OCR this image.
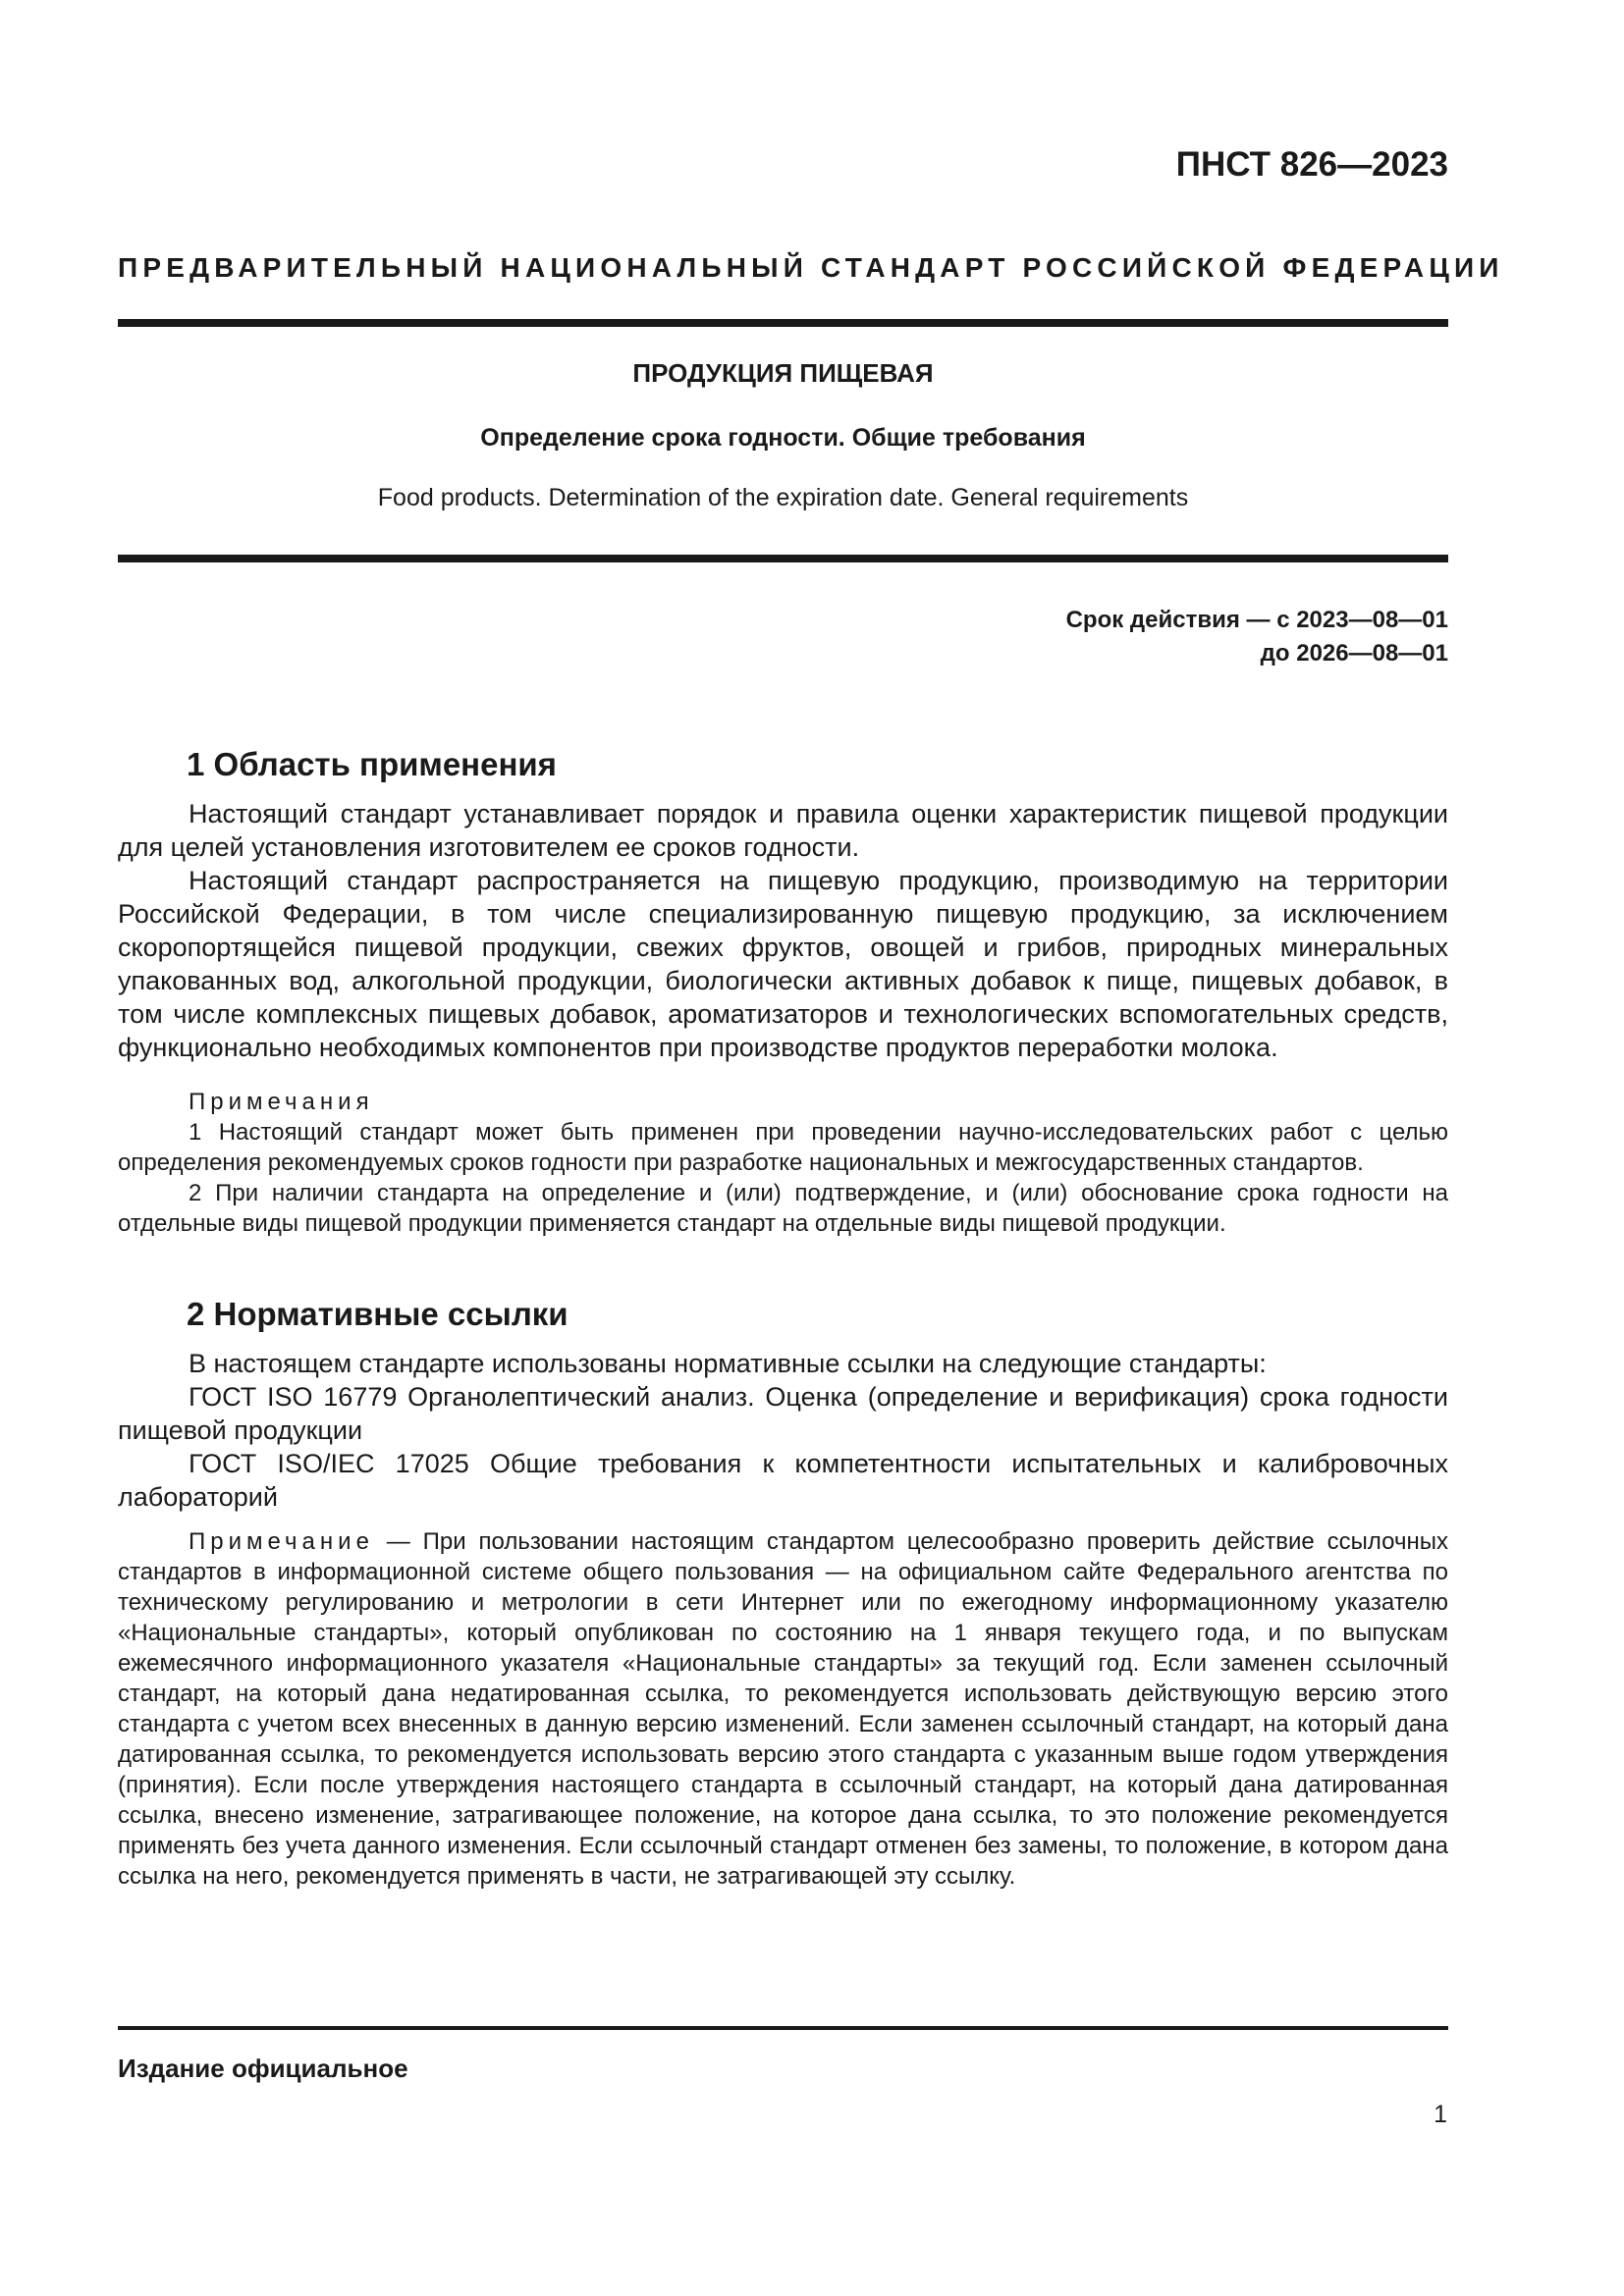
ПНСТ 826—2023
ПРЕДВАРИТЕЛЬНЫЙ НАЦИОНАЛЬНЫЙ СТАНДАРТ РОССИЙСКОЙ ФЕДЕРАЦИИ
ПРОДУКЦИЯ ПИЩЕВАЯ
Определение срока годности. Общие требования
Food products. Determination of the expiration date. General requirements
Срок действия — с 2023—08—01
до 2026—08—01
1 Область применения

Настоящий стандарт устанавливает порядок и правила оценки характеристик пищевой продукции для целей установления изготовителем ее сроков годности.

Настоящий стандарт распространяется на пищевую продукцию, производимую на территории Российской Федерации, в том числе специализированную пищевую продукцию, за исключением скоропортящейся пищевой продукции, свежих фруктов, овощей и грибов, природных минеральных упакованных вод, алкогольной продукции, биологически активных добавок к пище, пищевых добавок, в том числе комплексных пищевых добавок, ароматизаторов и технологических вспомогательных средств, функционально необходимых компонентов при производстве продуктов переработки молока.

Примечания

1 Настоящий стандарт может быть применен при проведении научно-исследовательских работ с целью определения рекомендуемых сроков годности при разработке национальных и межгосударственных стандартов.

2 При наличии стандарта на определение и (или) подтверждение, и (или) обоснование срока годности на отдельные виды пищевой продукции применяется стандарт на отдельные виды пищевой продукции.

2 Нормативные ссылки

В настоящем стандарте использованы нормативные ссылки на следующие стандарты:

ГОСТ ISO 16779 Органолептический анализ. Оценка (определение и верификация) срока годности пищевой продукции

ГОСТ ISO/IEC 17025 Общие требования к компетентности испытательных и калибровочных лабораторий

Примечание — При пользовании настоящим стандартом целесообразно проверить действие ссылочных стандартов в информационной системе общего пользования — на официальном сайте Федерального агентства по техническому регулированию и метрологии в сети Интернет или по ежегодному информационному указателю «Национальные стандарты», который опубликован по состоянию на 1 января текущего года, и по выпускам ежемесячного информационного указателя «Национальные стандарты» за текущий год. Если заменен ссылочный стандарт, на который дана недатированная ссылка, то рекомендуется использовать действующую версию этого стандарта с учетом всех внесенных в данную версию изменений. Если заменен ссылочный стандарт, на который дана датированная ссылка, то рекомендуется использовать версию этого стандарта с указанным выше годом утверждения (принятия). Если после утверждения настоящего стандарта в ссылочный стандарт, на который дана датированная ссылка, внесено изменение, затрагивающее положение, на которое дана ссылка, то это положение рекомендуется применять без учета данного изменения. Если ссылочный стандарт отменен без замены, то положение, в котором дана ссылка на него, рекомендуется применять в части, не затрагивающей эту ссылку.

Издание официальное
1
